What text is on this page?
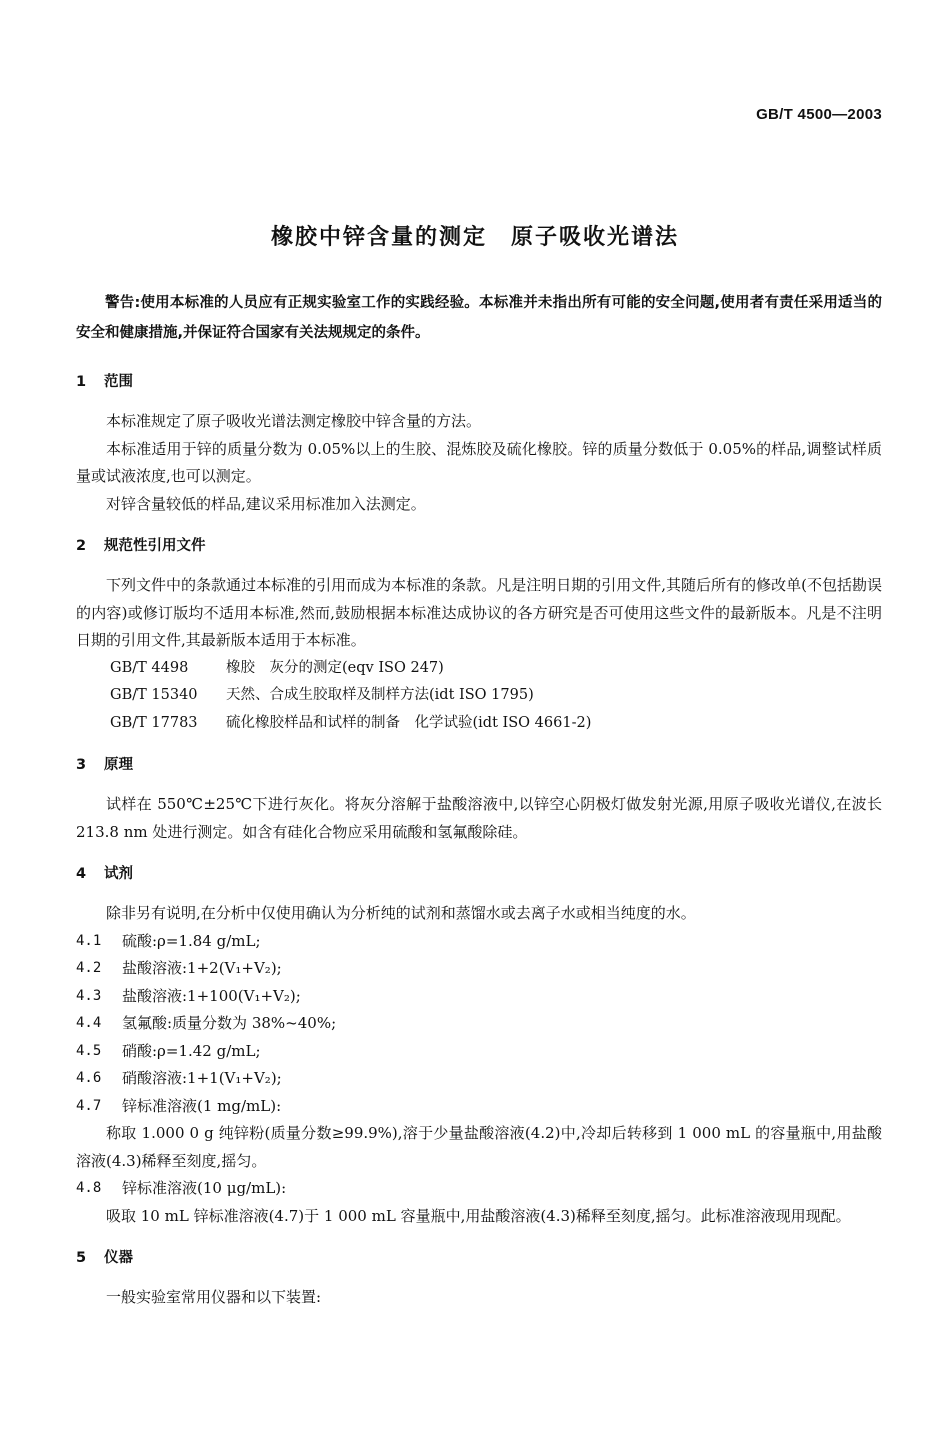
GB/T 4500—2003
橡胶中锌含量的测定　原子吸收光谱法

警告:使用本标准的人员应有正规实验室工作的实践经验。本标准并未指出所有可能的安全问题,使用者有责任采用适当的安全和健康措施,并保证符合国家有关法规规定的条件。

1	范围

本标准规定了原子吸收光谱法测定橡胶中锌含量的方法。

本标准适用于锌的质量分数为 0.05%以上的生胶、混炼胶及硫化橡胶。锌的质量分数低于 0.05%的样品,调整试样质量或试液浓度,也可以测定。

对锌含量较低的样品,建议采用标准加入法测定。

2	规范性引用文件

下列文件中的条款通过本标准的引用而成为本标准的条款。凡是注明日期的引用文件,其随后所有的修改单(不包括勘误的内容)或修订版均不适用本标准,然而,鼓励根据本标准达成协议的各方研究是否可使用这些文件的最新版本。凡是不注明日期的引用文件,其最新版本适用于本标准。

GB/T 4498	橡胶　灰分的测定(eqv ISO 247)
GB/T 15340 天然、合成生胶取样及制样方法(idt ISO 1795)
GB/T 17783 硫化橡胶样品和试样的制备　化学试验(idt ISO 4661-2)
3	原理

试样在 550℃±25℃下进行灰化。将灰分溶解于盐酸溶液中,以锌空心阴极灯做发射光源,用原子吸收光谱仪,在波长 213.8 nm 处进行测定。如含有硅化合物应采用硫酸和氢氟酸除硅。

4	试剂

除非另有说明,在分析中仅使用确认为分析纯的试剂和蒸馏水或去离子水或相当纯度的水。

4.1	硫酸:ρ=1.84 g/mL;
4.2	盐酸溶液:1+2(V₁+V₂);
4.3	盐酸溶液:1+100(V₁+V₂);
4.4	氢氟酸:质量分数为 38%~40%;
4.5	硝酸:ρ=1.42 g/mL;
4.6	硝酸溶液:1+1(V₁+V₂);
4.7	锌标准溶液(1 mg/mL):

称取 1.000 0 g 纯锌粉(质量分数≥99.9%),溶于少量盐酸溶液(4.2)中,冷却后转移到 1 000 mL 的容量瓶中,用盐酸溶液(4.3)稀释至刻度,摇匀。

4.8	锌标准溶液(10 μg/mL):

吸取 10 mL 锌标准溶液(4.7)于 1 000 mL 容量瓶中,用盐酸溶液(4.3)稀释至刻度,摇匀。此标准溶液现用现配。

5	仪器

一般实验室常用仪器和以下装置:
